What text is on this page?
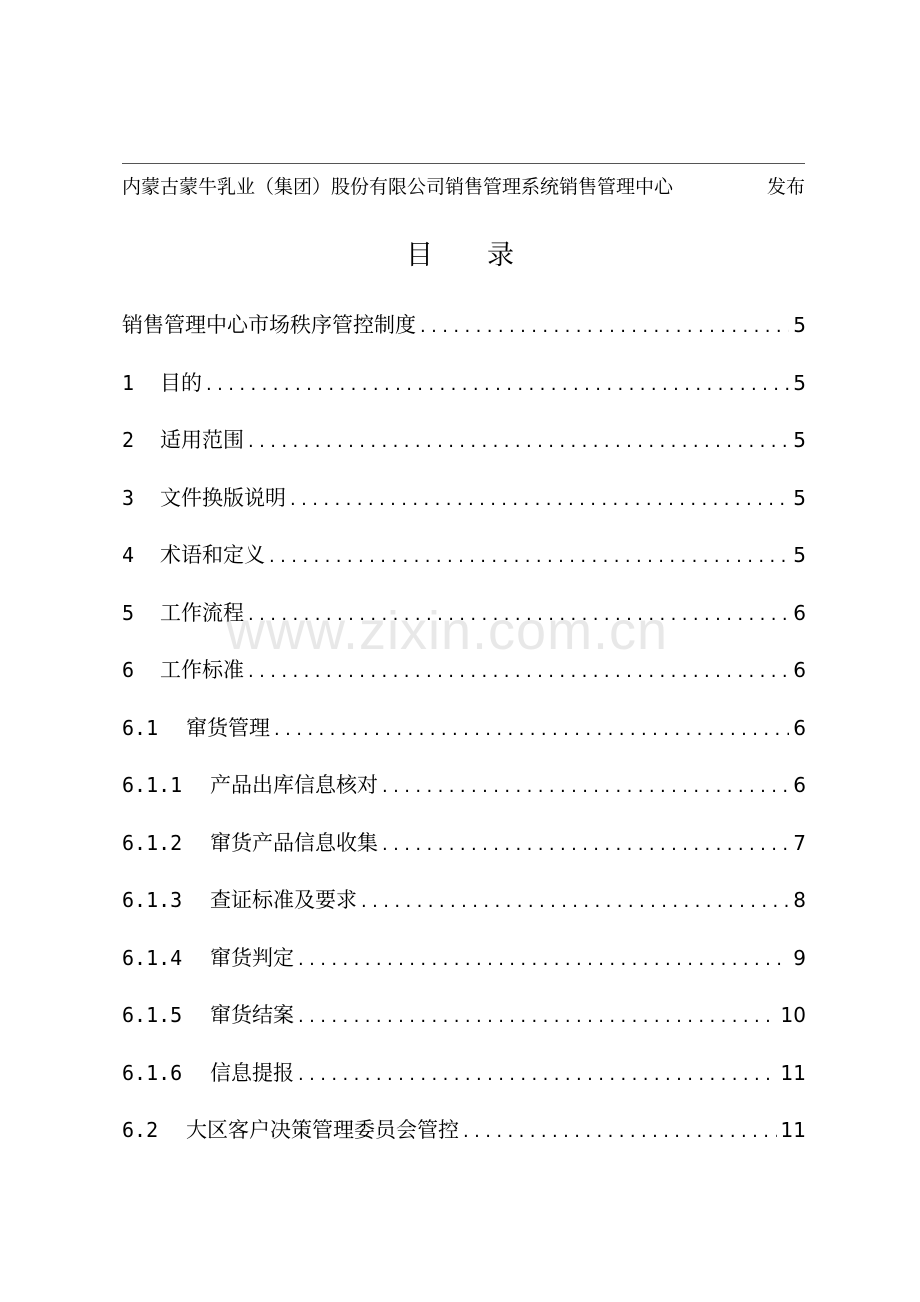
内蒙古蒙牛乳业（集团）股份有限公司销售管理系统销售管理中心	发布
目录
销售管理中心市场秩序管控制度 .....	5
1	目的 .....	5
2	适用范围 .....	5
3	文件换版说明 .....	5
4	术语和定义 .....	5
5	工作流程 .....	6
6	工作标准 .....	6
6.1	窜货管理 .....	6
6.1.1	产品出库信息核对 .....	6
6.1.2	窜货产品信息收集 .....	7
6.1.3	查证标准及要求 .....	8
6.1.4	窜货判定 .....	9
6.1.5	窜货结案 .....	10
6.1.6	信息提报 .....	11
6.2	大区客户决策管理委员会管控 .....	11
www.zixin.com.cn
